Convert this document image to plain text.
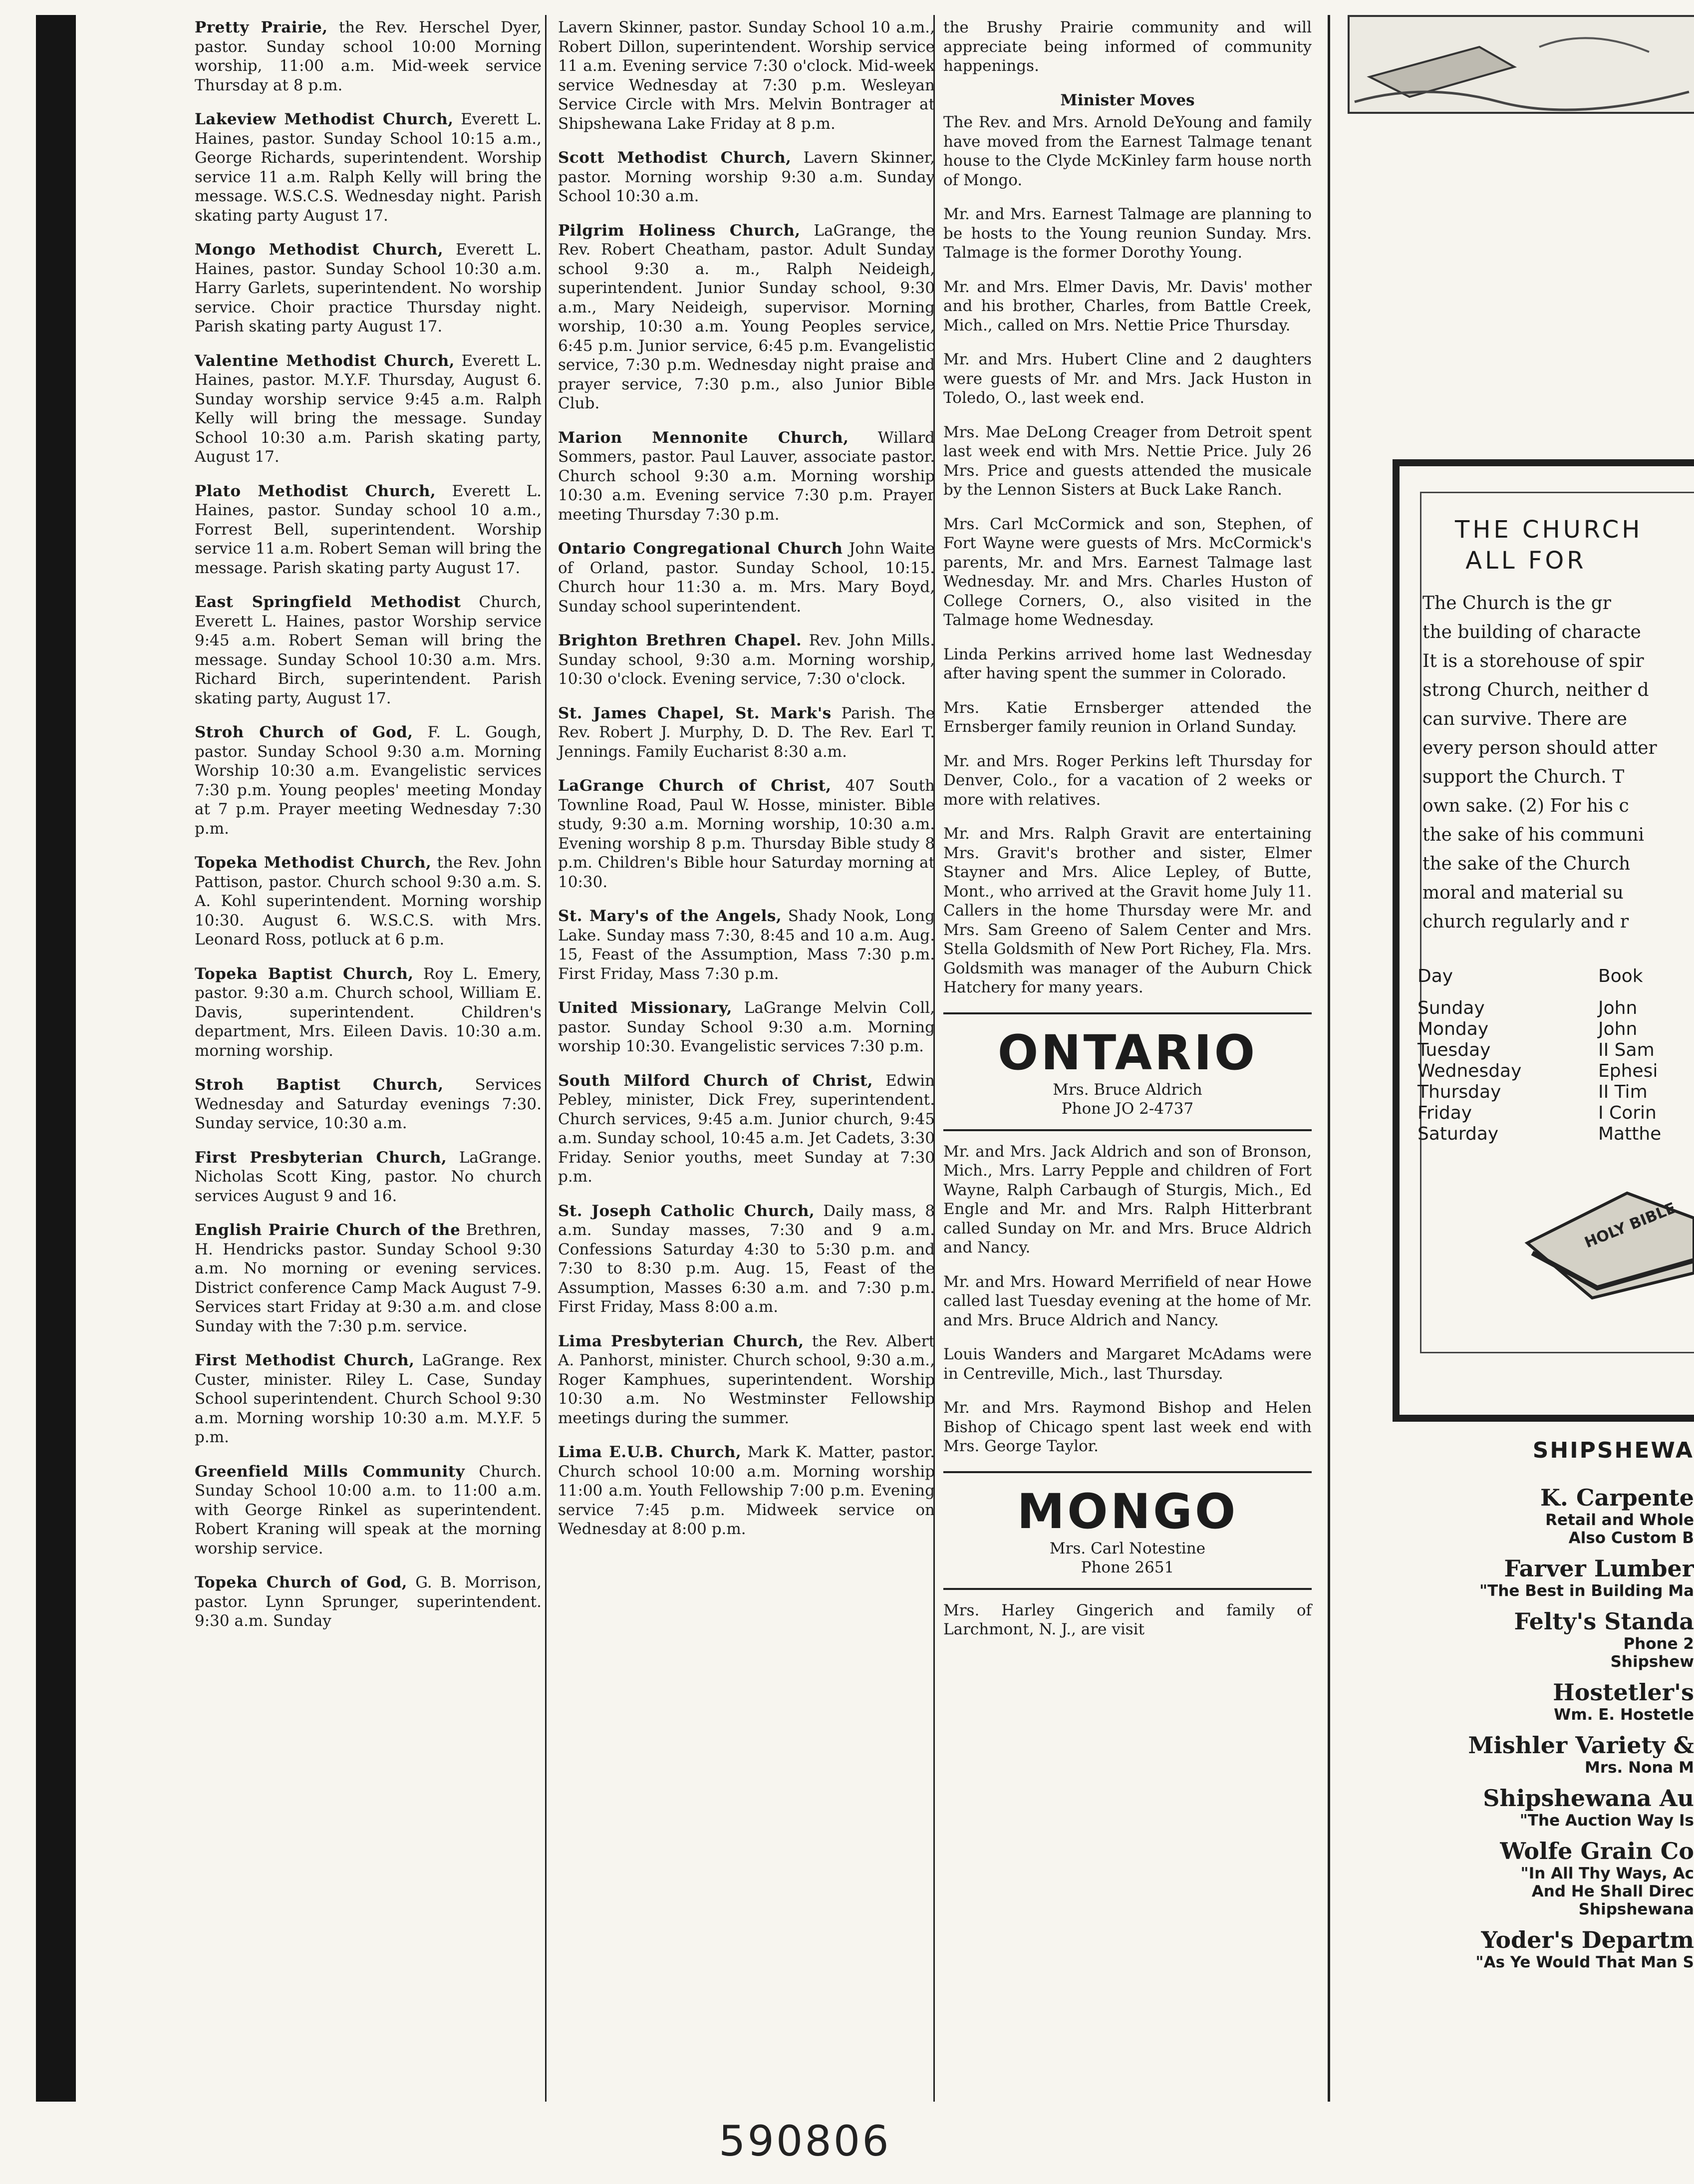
Pretty Prairie, the Rev. Herschel Dyer, pastor. Sunday school 10:00 Morning worship, 11:00 a.m. Mid-week service Thursday at 8 p.m.

Lakeview Methodist Church, Everett L. Haines, pastor. Sunday School 10:15 a.m., George Richards, superintendent. Worship service 11 a.m. Ralph Kelly will bring the message. W.S.C.S. Wednesday night. Parish skating party August 17.

Mongo Methodist Church, Everett L. Haines, pastor. Sunday School 10:30 a.m. Harry Garlets, superintendent. No worship service. Choir practice Thursday night. Parish skating party August 17.

Valentine Methodist Church, Everett L. Haines, pastor. M.Y.F. Thursday, August 6. Sunday worship service 9:45 a.m. Ralph Kelly will bring the message. Sunday School 10:30 a.m. Parish skating party, August 17.

Plato Methodist Church, Everett L. Haines, pastor. Sunday school 10 a.m., Forrest Bell, superintendent. Worship service 11 a.m. Robert Seman will bring the message. Parish skating party August 17.

East Springfield Methodist Church, Everett L. Haines, pastor Worship service 9:45 a.m. Robert Seman will bring the message. Sunday School 10:30 a.m. Mrs. Richard Birch, superintendent. Parish skating party, August 17.

Stroh Church of God, F. L. Gough, pastor. Sunday School 9:30 a.m. Morning Worship 10:30 a.m. Evangelistic services 7:30 p.m. Young peoples' meeting Monday at 7 p.m. Prayer meeting Wednesday 7:30 p.m.

Topeka Methodist Church, the Rev. John Pattison, pastor. Church school 9:30 a.m. S. A. Kohl superintendent. Morning worship 10:30. August 6. W.S.C.S. with Mrs. Leonard Ross, potluck at 6 p.m.

Topeka Baptist Church, Roy L. Emery, pastor. 9:30 a.m. Church school, William E. Davis, superintendent. Children's department, Mrs. Eileen Davis. 10:30 a.m. morning worship.

Stroh Baptist Church, Services Wednesday and Saturday evenings 7:30. Sunday service, 10:30 a.m.

First Presbyterian Church, LaGrange. Nicholas Scott King, pastor. No church services August 9 and 16.

English Prairie Church of the Brethren, H. Hendricks pastor. Sunday School 9:30 a.m. No morning or evening services. District conference Camp Mack August 7-9. Services start Friday at 9:30 a.m. and close Sunday with the 7:30 p.m. service.

First Methodist Church, LaGrange. Rex Custer, minister. Riley L. Case, Sunday School superintendent. Church School 9:30 a.m. Morning worship 10:30 a.m. M.Y.F. 5 p.m.

Greenfield Mills Community Church. Sunday School 10:00 a.m. to 11:00 a.m. with George Rinkel as superintendent. Robert Kraning will speak at the morning worship service.

Topeka Church of God, G. B. Morrison, pastor. Lynn Sprunger, superintendent. 9:30 a.m. Sunday

Lavern Skinner, pastor. Sunday School 10 a.m., Robert Dillon, superintendent. Worship service 11 a.m. Evening service 7:30 o'clock. Mid-week service Wednesday at 7:30 p.m. Wesleyan Service Circle with Mrs. Melvin Bontrager at Shipshewana Lake Friday at 8 p.m.

Scott Methodist Church, Lavern Skinner, pastor. Morning worship 9:30 a.m. Sunday School 10:30 a.m.

Pilgrim Holiness Church, LaGrange, the Rev. Robert Cheatham, pastor. Adult Sunday school 9:30 a. m., Ralph Neideigh, superintendent. Junior Sunday school, 9:30 a.m., Mary Neideigh, supervisor. Morning worship, 10:30 a.m. Young Peoples service, 6:45 p.m. Junior service, 6:45 p.m. Evangelistic service, 7:30 p.m. Wednesday night praise and prayer service, 7:30 p.m., also Junior Bible Club.

Marion Mennonite Church, Willard Sommers, pastor. Paul Lauver, associate pastor. Church school 9:30 a.m. Morning worship 10:30 a.m. Evening service 7:30 p.m. Prayer meeting Thursday 7:30 p.m.

Ontario Congregational Church John Waite of Orland, pastor. Sunday School, 10:15. Church hour 11:30 a. m. Mrs. Mary Boyd, Sunday school superintendent.

Brighton Brethren Chapel. Rev. John Mills. Sunday school, 9:30 a.m. Morning worship, 10:30 o'clock. Evening service, 7:30 o'clock.

St. James Chapel, St. Mark's Parish. The Rev. Robert J. Murphy, D. D. The Rev. Earl T. Jennings. Family Eucharist 8:30 a.m.

LaGrange Church of Christ, 407 South Townline Road, Paul W. Hosse, minister. Bible study, 9:30 a.m. Morning worship, 10:30 a.m. Evening worship 8 p.m. Thursday Bible study 8 p.m. Children's Bible hour Saturday morning at 10:30.

St. Mary's of the Angels, Shady Nook, Long Lake. Sunday mass 7:30, 8:45 and 10 a.m. Aug. 15, Feast of the Assumption, Mass 7:30 p.m. First Friday, Mass 7:30 p.m.

United Missionary, LaGrange Melvin Coll, pastor. Sunday School 9:30 a.m. Morning worship 10:30. Evangelistic services 7:30 p.m.

South Milford Church of Christ, Edwin Pebley, minister, Dick Frey, superintendent. Church services, 9:45 a.m. Junior church, 9:45 a.m. Sunday school, 10:45 a.m. Jet Cadets, 3:30 Friday. Senior youths, meet Sunday at 7:30 p.m.

St. Joseph Catholic Church, Daily mass, 8 a.m. Sunday masses, 7:30 and 9 a.m. Confessions Saturday 4:30 to 5:30 p.m. and 7:30 to 8:30 p.m. Aug. 15, Feast of the Assumption, Masses 6:30 a.m. and 7:30 p.m. First Friday, Mass 8:00 a.m.

Lima Presbyterian Church, the Rev. Albert A. Panhorst, minister. Church school, 9:30 a.m., Roger Kamphues, superintendent. Worship 10:30 a.m. No Westminster Fellowship meetings during the summer.

Lima E.U.B. Church, Mark K. Matter, pastor. Church school 10:00 a.m. Morning worship 11:00 a.m. Youth Fellowship 7:00 p.m. Evening service 7:45 p.m. Midweek service on Wednesday at 8:00 p.m.

the Brushy Prairie community and will appreciate being informed of community happenings.

Minister Moves

The Rev. and Mrs. Arnold DeYoung and family have moved from the Earnest Talmage tenant house to the Clyde McKinley farm house north of Mongo.

Mr. and Mrs. Earnest Talmage are planning to be hosts to the Young reunion Sunday. Mrs. Talmage is the former Dorothy Young.

Mr. and Mrs. Elmer Davis, Mr. Davis' mother and his brother, Charles, from Battle Creek, Mich., called on Mrs. Nettie Price Thursday.

Mr. and Mrs. Hubert Cline and 2 daughters were guests of Mr. and Mrs. Jack Huston in Toledo, O., last week end.

Mrs. Mae DeLong Creager from Detroit spent last week end with Mrs. Nettie Price. July 26 Mrs. Price and guests attended the musicale by the Lennon Sisters at Buck Lake Ranch.

Mrs. Carl McCormick and son, Stephen, of Fort Wayne were guests of Mrs. McCormick's parents, Mr. and Mrs. Earnest Talmage last Wednesday. Mr. and Mrs. Charles Huston of College Corners, O., also visited in the Talmage home Wednesday.

Linda Perkins arrived home last Wednesday after having spent the summer in Colorado.

Mrs. Katie Ernsberger attended the Ernsberger family reunion in Orland Sunday.

Mr. and Mrs. Roger Perkins left Thursday for Denver, Colo., for a vacation of 2 weeks or more with relatives.

Mr. and Mrs. Ralph Gravit are entertaining Mrs. Gravit's brother and sister, Elmer Stayner and Mrs. Alice Lepley, of Butte, Mont., who arrived at the Gravit home July 11. Callers in the home Thursday were Mr. and Mrs. Sam Greeno of Salem Center and Mrs. Stella Goldsmith of New Port Richey, Fla. Mrs. Goldsmith was manager of the Auburn Chick Hatchery for many years.

ONTARIO
Mrs. Bruce Aldrich
Phone JO 2-4737

Mr. and Mrs. Jack Aldrich and son of Bronson, Mich., Mrs. Larry Pepple and children of Fort Wayne, Ralph Carbaugh of Sturgis, Mich., Ed Engle and Mr. and Mrs. Ralph Hitterbrant called Sunday on Mr. and Mrs. Bruce Aldrich and Nancy.

Mr. and Mrs. Howard Merrifield of near Howe called last Tuesday evening at the home of Mr. and Mrs. Bruce Aldrich and Nancy.

Louis Wanders and Margaret McAdams were in Centreville, Mich., last Thursday.

Mr. and Mrs. Raymond Bishop and Helen Bishop of Chicago spent last week end with Mrs. George Taylor.

MONGO
Mrs. Carl Notestine
Phone 2651

Mrs. Harley Gingerich and family of Larchmont, N. J., are visit

THE CHURCH
ALL FOR
The Church is the gr
the building of characte
It is a storehouse of spir
strong Church, neither d
can survive. There are
every person should atter
support the Church. T
own sake. (2) For his c
the sake of his communi
the sake of the Church
moral and material su
church regularly and r
Day	Book
Sunday	John
Monday	John
Tuesday	II Sam
Wednesday	Ephesi
Thursday	II Tim
Friday	I Corin
Saturday	Matthe
HOLY BIBLE
SHIPSHEWA
K. Carpente
Retail and Whole
Also Custom B
Farver Lumber
"The Best in Building Ma
Felty's Standa
Phone 2
Shipshew
Hostetler's
Wm. E. Hostetle
Mishler Variety &
Mrs. Nona M
Shipshewana Au
"The Auction Way Is
Wolfe Grain Co
"In All Thy Ways, Ac
And He Shall Direc
Shipshewana
Yoder's Departm
"As Ye Would That Man S
590806
